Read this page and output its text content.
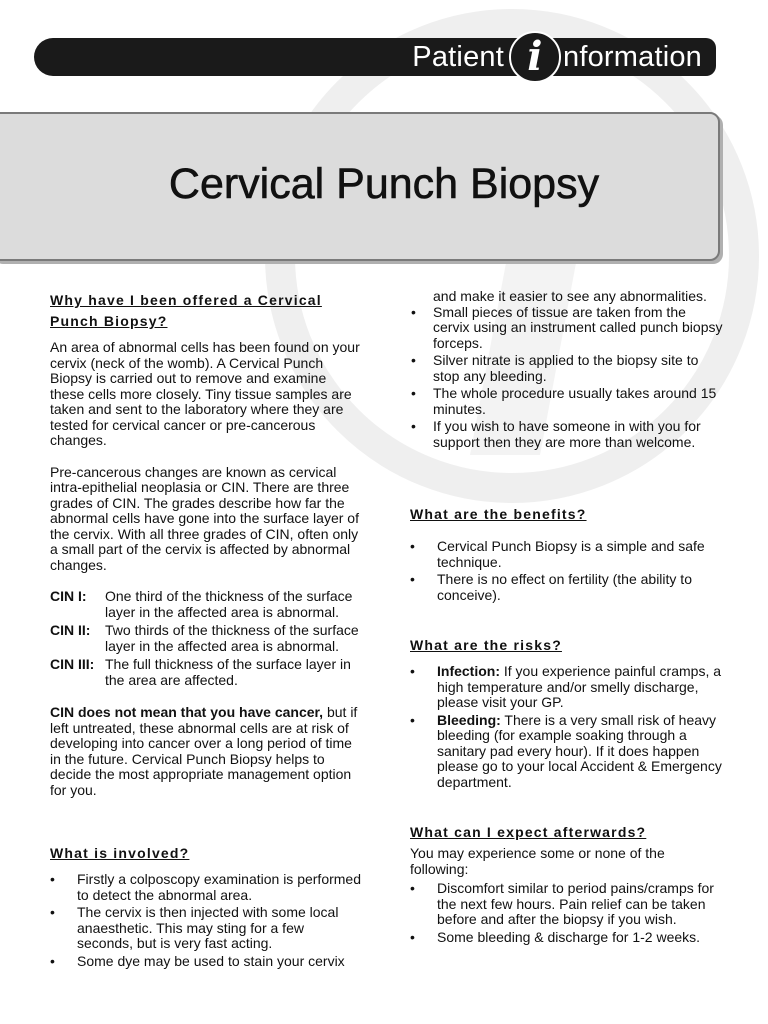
Patient i nformation
Cervical Punch Biopsy
Why have I been offered a Cervical Punch Biopsy?

An area of abnormal cells has been found on your cervix (neck of the womb). A Cervical Punch Biopsy is carried out to remove and examine these cells more closely. Tiny tissue samples are taken and sent to the laboratory where they are tested for cervical cancer or pre-cancerous changes.

Pre-cancerous changes are known as cervical intra-epithelial neoplasia or CIN. There are three grades of CIN. The grades describe how far the abnormal cells have gone into the surface layer of the cervix. With all three grades of CIN, often only a small part of the cervix is affected by abnormal changes.

CIN I:	One third of the thickness of the surface layer in the affected area is abnormal.
CIN II:	Two thirds of the thickness of the surface layer in the affected area is abnormal.
CIN III: The full thickness of the surface layer in the area are affected.

CIN does not mean that you have cancer, but if left untreated, these abnormal cells are at risk of developing into cancer over a long period of time in the future. Cervical Punch Biopsy helps to decide the most appropriate management option for you.

What is involved?
• Firstly a colposcopy examination is performed to detect the abnormal area.
• The cervix is then injected with some local anaesthetic. This may sting for a few seconds, but is very fast acting.
• Some dye may be used to stain your cervix

and make it easier to see any abnormalities.

• Small pieces of tissue are taken from the cervix using an instrument called punch biopsy forceps.
• Silver nitrate is applied to the biopsy site to stop any bleeding.
• The whole procedure usually takes around 15 minutes.
• If you wish to have someone in with you for support then they are more than welcome.
What are the benefits?
• Cervical Punch Biopsy is a simple and safe technique.
• There is no effect on fertility (the ability to conceive).
What are the risks?
• Infection: If you experience painful cramps, a high temperature and/or smelly discharge, please visit your GP.
• Bleeding: There is a very small risk of heavy bleeding (for example soaking through a sanitary pad every hour). If it does happen please go to your local Accident & Emergency department.
What can I expect afterwards?

You may experience some or none of the following:

• Discomfort similar to period pains/cramps for the next few hours. Pain relief can be taken before and after the biopsy if you wish.
• Some bleeding & discharge for 1-2 weeks.
